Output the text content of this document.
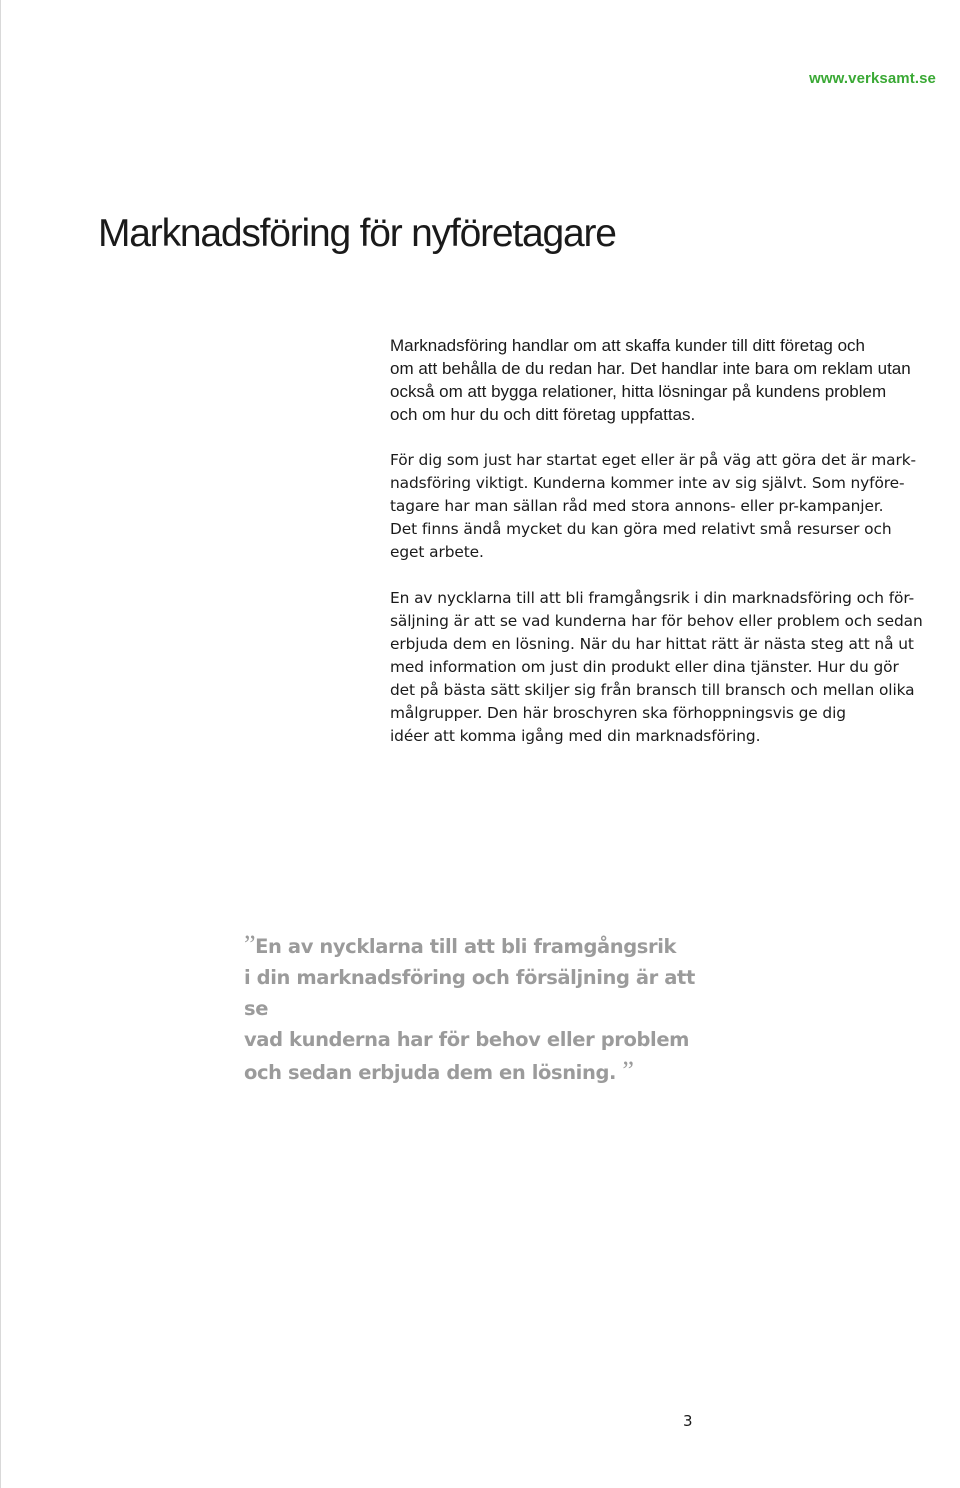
www.verksamt.se
Marknadsföring för nyföretagare

Marknadsföring handlar om att skaffa kunder till ditt företag och
om att behålla de du redan har. Det handlar inte bara om reklam utan
också om att bygga relationer, hitta lösningar på kundens problem
och om hur du och ditt företag uppfattas.

För dig som just har startat eget eller är på väg att göra det är mark-
nadsföring viktigt. Kunderna kommer inte av sig självt. Som nyföre-
tagare har man sällan råd med stora annons- eller pr-kampanjer.
Det finns ändå mycket du kan göra med relativt små resurser och
eget arbete.

En av nycklarna till att bli framgångsrik i din marknadsföring och för-
säljning är att se vad kunderna har för behov eller problem och sedan
erbjuda dem en lösning. När du har hittat rätt är nästa steg att nå ut
med information om just din produkt eller dina tjänster. Hur du gör
det på bästa sätt skiljer sig från bransch till bransch och mellan olika
målgrupper. Den här broschyren ska förhoppningsvis ge dig
idéer att komma igång med din marknadsföring.

”En av nycklarna till att bli framgångsrik
i din marknadsföring och försäljning är att se
vad kunderna har för behov eller problem
och sedan erbjuda dem en lösning. ”

3
